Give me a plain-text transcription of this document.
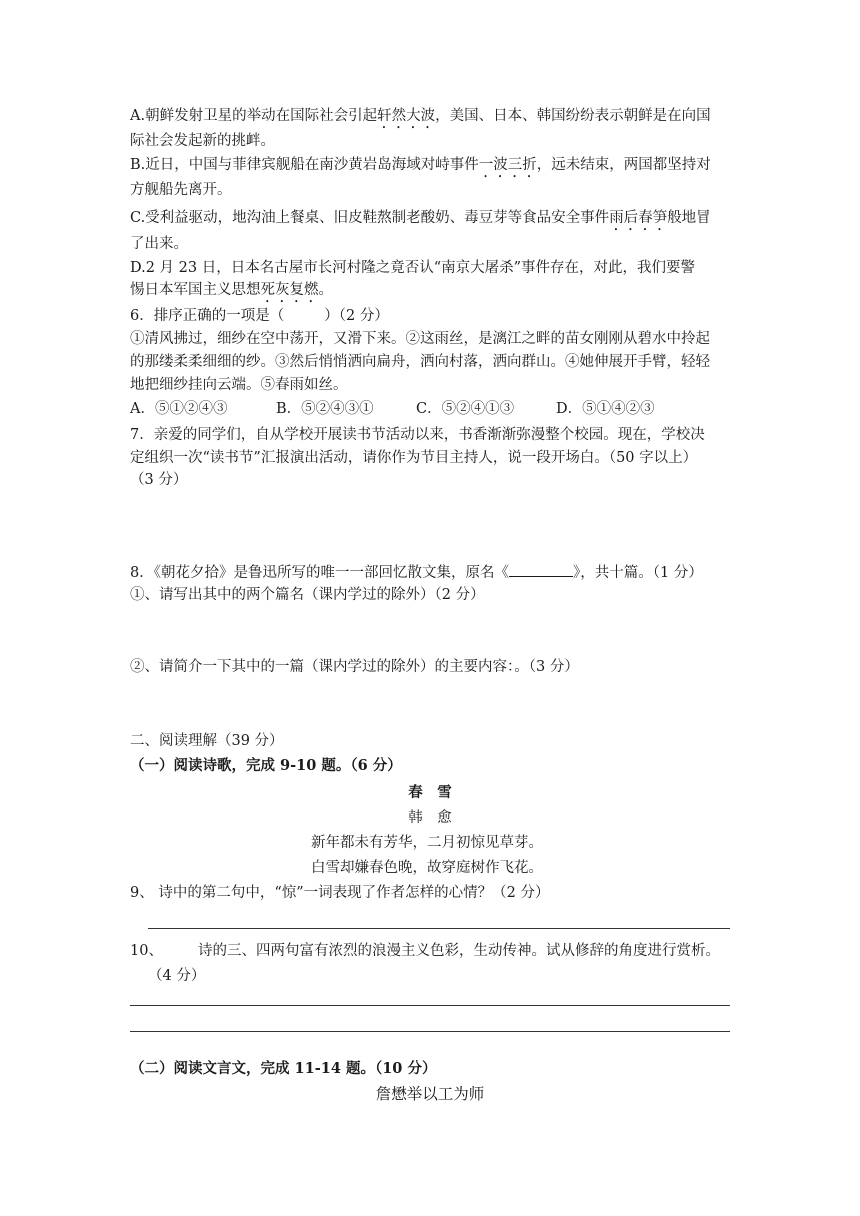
A.朝鲜发射卫星的举动在国际社会引起轩然大波，美国、日本、韩国纷纷表示朝鲜是在向国
际社会发起新的挑衅。
B.近日，中国与菲律宾舰船在南沙黄岩岛海域对峙事件一波三折，远未结束，两国都坚持对
方舰船先离开。
C.受利益驱动，地沟油上餐桌、旧皮鞋熬制老酸奶、毒豆芽等食品安全事件雨后春笋般地冒
了出来。
D.2 月 23 日，日本名古屋市长河村隆之竟否认“南京大屠杀”事件存在，对此，我们要警
惕日本军国主义思想死灰复燃。
6．排序正确的一项是（	）（2 分）
①清风拂过，细纱在空中荡开，又滑下来。②这雨丝，是漓江之畔的苗女刚刚从碧水中拎起
的那缕柔柔细细的纱。③然后悄悄洒向扁舟，洒向村落，洒向群山。④她伸展开手臂，轻轻
地把细纱挂向云端。⑤春雨如丝。
A．⑤①②④③	B．⑤②④③①	C．⑤②④①③	D．⑤①④②③
7．亲爱的同学们，自从学校开展读书节活动以来，书香渐渐弥漫整个校园。现在，学校决
定组织一次“读书节”汇报演出活动，请你作为节目主持人，说一段开场白。（50 字以上）
（3 分）
8．《朝花夕拾》是鲁迅所写的唯一一部回忆散文集，原名《	》，共十篇。（1 分）
①、请写出其中的两个篇名（课内学过的除外）（2 分）
②、请简介一下其中的一篇（课内学过的除外）的主要内容：。（3 分）
二、阅读理解（39 分）
（一）阅读诗歌，完成 9-10 题。（6 分）
春　雪
韩　愈
新年都未有芳华，二月初惊见草芽。
白雪却嫌春色晚，故穿庭树作飞花。
9、 诗中的第二句中，“惊”一词表现了作者怎样的心情？（2 分）
10、 诗的三、四两句富有浓烈的浪漫主义色彩，生动传神。试从修辞的角度进行赏析。
（4 分）
（二）阅读文言文，完成 11-14 题。（10 分）
詹懋举以工为师
